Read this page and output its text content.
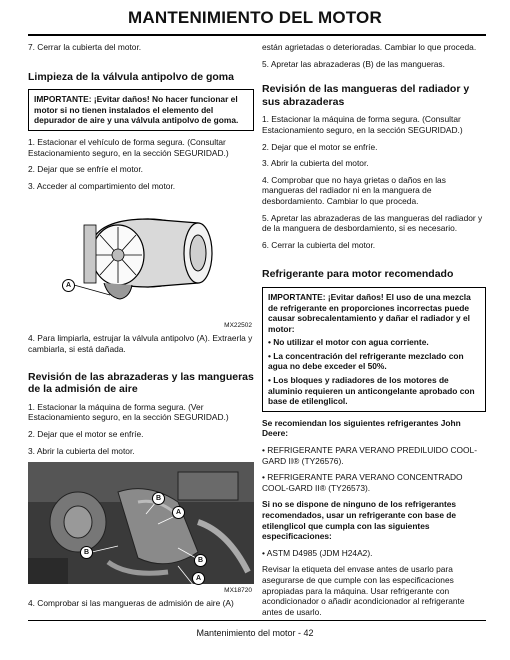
MANTENIMIENTO DEL MOTOR

7. Cerrar la cubierta del motor.

Limpieza de la válvula antipolvo de goma

IMPORTANTE: ¡Evitar daños! No hacer funcionar el motor si no tienen instalados el elemento del depurador de aire y una válvula antipolvo de goma.

1. Estacionar el vehículo de forma segura. (Consultar Estacionamiento seguro, en la sección SEGURIDAD.)

2. Dejar que se enfríe el motor.

3. Acceder al compartimiento del motor.

A
MX22502

4. Para limpiarla, estrujar la válvula antipolvo (A). Extraerla y cambiarla, si está dañada.

Revisión de las abrazaderas y las mangueras de la admisión de aire

1. Estacionar la máquina de forma segura. (Ver Estacionamiento seguro, en la sección SEGURIDAD.)

2. Dejar que el motor se enfríe.

3. Abrir la cubierta del motor.

B
A
B
B
A
MX18720

4. Comprobar si las mangueras de admisión de aire (A)

están agrietadas o deterioradas. Cambiar lo que proceda.

5. Apretar las abrazaderas (B) de las mangueras.

Revisión de las mangueras del radiador y sus abrazaderas

1. Estacionar la máquina de forma segura. (Consultar Estacionamiento seguro, en la sección SEGURIDAD.)

2. Dejar que el motor se enfríe.

3. Abrir la cubierta del motor.

4. Comprobar que no haya grietas o daños en las mangueras del radiador ni en la manguera de desbordamiento. Cambiar lo que proceda.

5. Apretar las abrazaderas de las mangueras del radiador y de la manguera de desbordamiento, si es necesario.

6. Cerrar la cubierta del motor.

Refrigerante para motor recomendado

IMPORTANTE: ¡Evitar daños! El uso de una mezcla de refrigerante en proporciones incorrectas puede causar sobrecalentamiento y dañar el radiador y el motor:

• No utilizar el motor con agua corriente.

• La concentración del refrigerante mezclado con agua no debe exceder el 50%.

• Los bloques y radiadores de los motores de aluminio requieren un anticongelante aprobado con base de etilenglicol.

Se recomiendan los siguientes refrigerantes John Deere:

• REFRIGERANTE PARA VERANO PREDILUIDO COOL-GARD II® (TY26576).

• REFRIGERANTE PARA VERANO CONCENTRADO COOL-GARD II® (TY26573).

Si no se dispone de ninguno de los refrigerantes recomendados, usar un refrigerante con base de etilenglicol que cumpla con las siguientes especificaciones:

• ASTM D4985 (JDM H24A2).

Revisar la etiqueta del envase antes de usarlo para asegurarse de que cumple con las especificaciones apropiadas para la máquina. Usar refrigerante con acondicionador o añadir acondicionador al refrigerante antes de usarlo.

Mantenimiento del motor - 42
